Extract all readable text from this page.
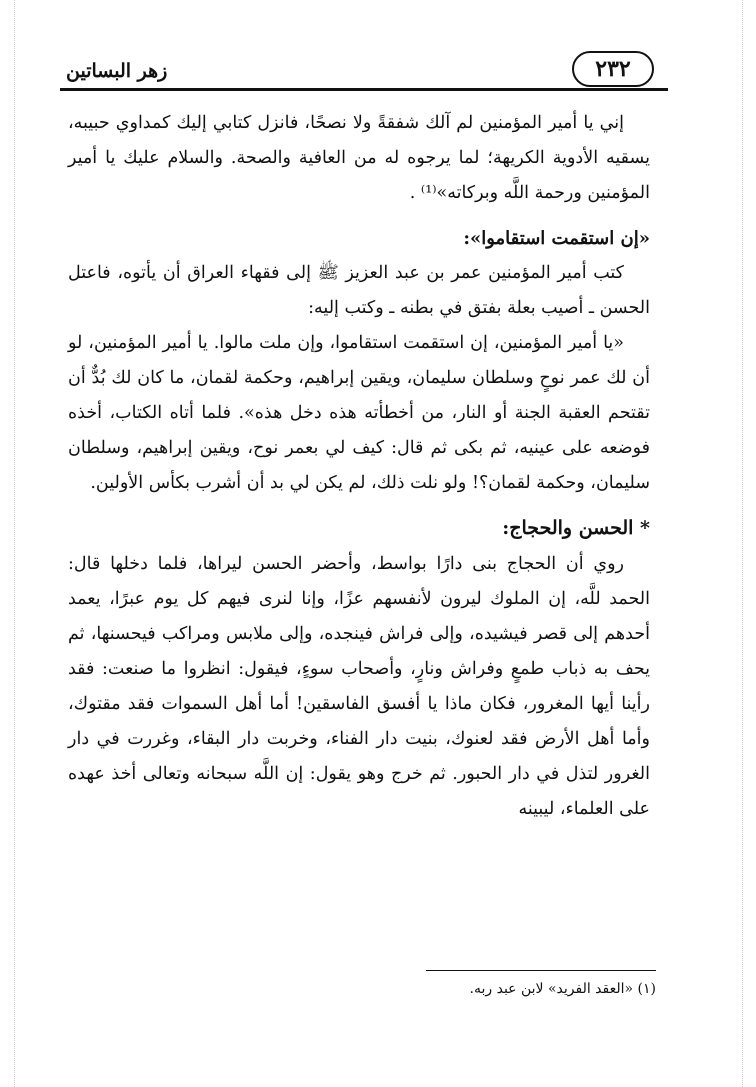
زهر البساتين	٢٣٢

إني يا أمير المؤمنين لم آلك شفقةً ولا نصحًا، فانزل كتابي إليك كمداوي حبيبه، يسقيه الأدوية الكريهة؛ لما يرجوه له من العافية والصحة. والسلام عليك يا أمير المؤمنين ورحمة اللَّه وبركاته»⁽¹⁾ .

«إن استقمت استقاموا»:

كتب أمير المؤمنين عمر بن عبد العزيز ﷺ إلى فقهاء العراق أن يأتوه، فاعتل الحسن ـ أصيب بعلة بفتق في بطنه ـ وكتب إليه:

«يا أمير المؤمنين، إن استقمت استقاموا، وإن ملت مالوا. يا أمير المؤمنين، لو أن لك عمر نوحٍ وسلطان سليمان، ويقين إبراهيم، وحكمة لقمان، ما كان لك بُدٌّ أن تقتحم العقبة الجنة أو النار، من أخطأته هذه دخل هذه». فلما أتاه الكتاب، أخذه فوضعه على عينيه، ثم بكى ثم قال: كيف لي بعمر نوح، ويقين إبراهيم، وسلطان سليمان، وحكمة لقمان؟! ولو نلت ذلك، لم يكن لي بد أن أشرب بكأس الأولين.

* الحسن والحجاج:

روي أن الحجاج بنى دارًا بواسط، وأحضر الحسن ليراها، فلما دخلها قال: الحمد للَّه، إن الملوك ليرون لأنفسهم عزًا، وإنا لنرى فيهم كل يوم عبرًا، يعمد أحدهم إلى قصر فيشيده، وإلى فراش فينجده، وإلى ملابس ومراكب فيحسنها، ثم يحف به ذباب طمعٍ وفراش ونارٍ، وأصحاب سوءٍ، فيقول: انظروا ما صنعت: فقد رأينا أيها المغرور، فكان ماذا يا أفسق الفاسقين! أما أهل السموات فقد مقتوك، وأما أهل الأرض فقد لعنوك، بنيت دار الفناء، وخربت دار البقاء، وغررت في دار الغرور لتذل في دار الحبور. ثم خرج وهو يقول: إن اللَّه سبحانه وتعالى أخذ عهده على العلماء، ليبينه

(١) «العقد الفريد» لابن عبد ربه.
